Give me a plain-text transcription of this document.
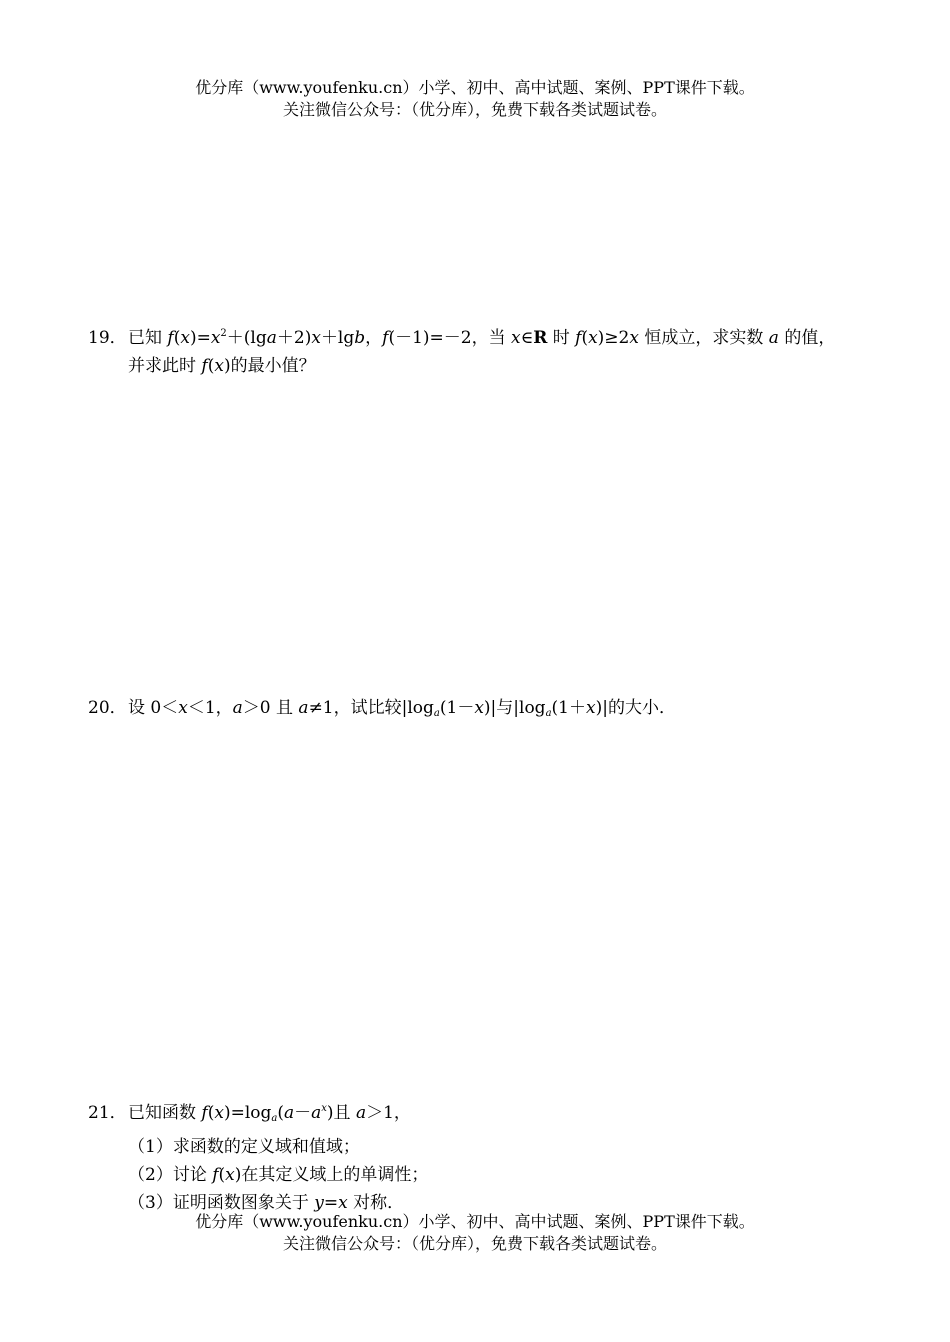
优分库（www.youfenku.cn）小学、初中、高中试题、案例、PPT课件下载。
关注微信公众号：（优分库），免费下载各类试题试卷。
19．已知 $f(x)=x^2+(\lg a+2)x+\lg b$，f(－1)=－2，当 x∈R 时 f(x)≥2x 恒成立，求实数 a 的值，
并求此时 f(x)的最小值？
20．设 0＜x＜1，a＞0 且 a≠1，试比较$|\log_a(1-x)|$与$|\log_a(1+x)|$的大小．
21．已知函数 $f(x)=\log_a(a-a^x)$且 a＞1，
（1）求函数的定义域和值域；
（2）讨论 f(x)在其定义域上的单调性；
（3）证明函数图象关于 y=x 对称．
优分库（www.youfenku.cn）小学、初中、高中试题、案例、PPT课件下载。
关注微信公众号：（优分库），免费下载各类试题试卷。
